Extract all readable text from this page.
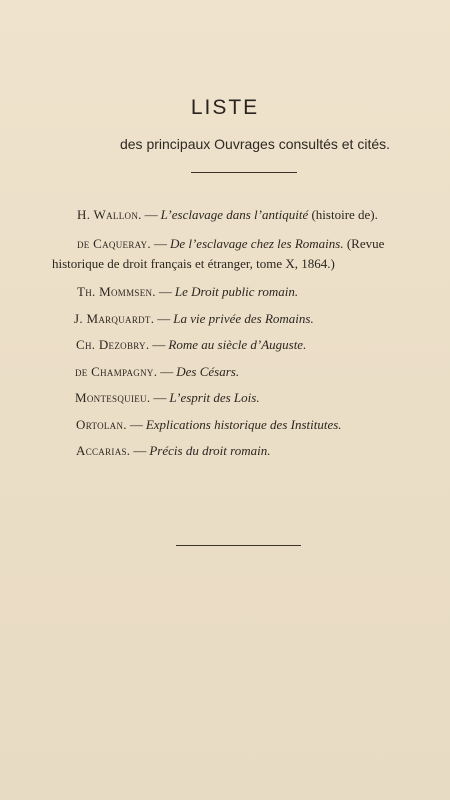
LISTE
des principaux Ouvrages consultés et cités.
H. Wallon. — L’esclavage dans l’antiquité (histoire de).
de Caqueray. — De l’esclavage chez les Romains. (Revue
historique de droit français et étranger, tome X, 1864.)
Th. Mommsen. — Le Droit public romain.
J. Marquardt. — La vie privée des Romains.
Ch. Dezobry. — Rome au siècle d’Auguste.
de Champagny. — Des Césars.
Montesquieu. — L’esprit des Lois.
Ortolan. — Explications historique des Institutes.
Accarias. — Précis du droit romain.
